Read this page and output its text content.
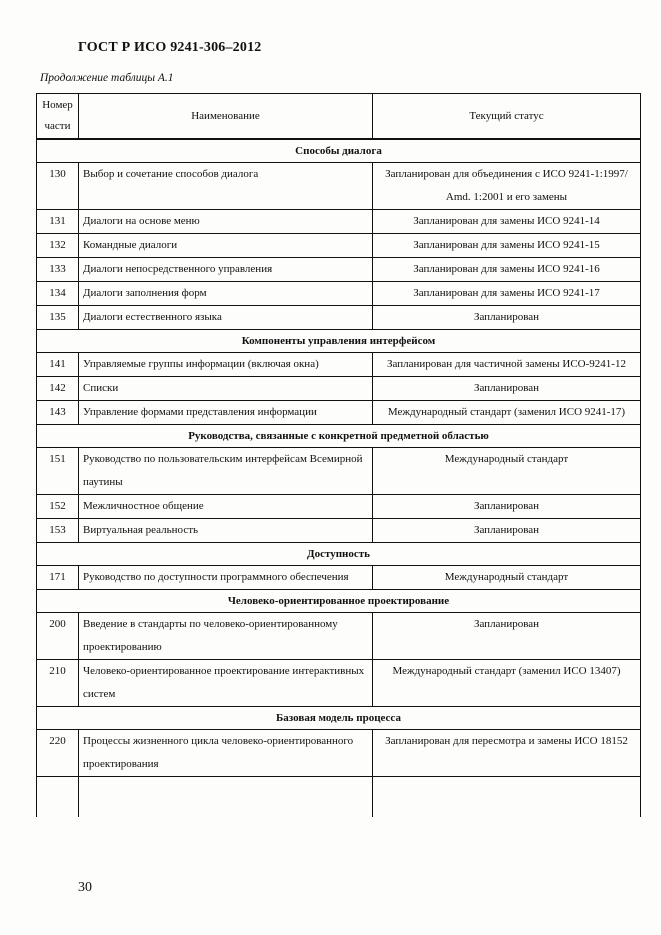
ГОСТ Р ИСО 9241-306–2012
Продолжение таблицы А.1
Номер
части	Наименование	Текущий статус
Способы диалога		
130	Выбор и сочетание способов диалога	Запланирован для объединения с ИСО 9241-1:1997/ Amd. 1:2001 и его замены
131	Диалоги на основе меню	Запланирован для замены ИСО 9241-14
132	Командные диалоги	Запланирован для замены ИСО 9241-15
133	Диалоги непосредственного управления	Запланирован для замены ИСО 9241-16
134	Диалоги заполнения форм	Запланирован для замены ИСО 9241-17
135	Диалоги естественного языка	Запланирован
Компоненты управления интерфейсом		
141	Управляемые группы информации (включая окна)	Запланирован для частичной замены ИСО-9241-12
142	Списки	Запланирован
143	Управление формами представления информации	Международный стандарт (заменил ИСО 9241-17)
Руководства, связанные с конкретной предметной областью		
151	Руководство по пользовательским интерфейсам Всемирной паутины	Международный стандарт
152	Межличностное общение	Запланирован
153	Виртуальная реальность	Запланирован
Доступность		
171	Руководство по доступности программного обеспечения	Международный стандарт
Человеко-ориентированное проектирование		
200	Введение в стандарты по человеко-ориентированному проектированию	Запланирован
210	Человеко-ориентированное проектирование интерактивных систем	Международный стандарт (заменил ИСО 13407)
Базовая модель процесса		
220	Процессы жизненного цикла человеко-ориентированного проектирования	Запланирован для пересмотра и замены ИСО 18152

30
